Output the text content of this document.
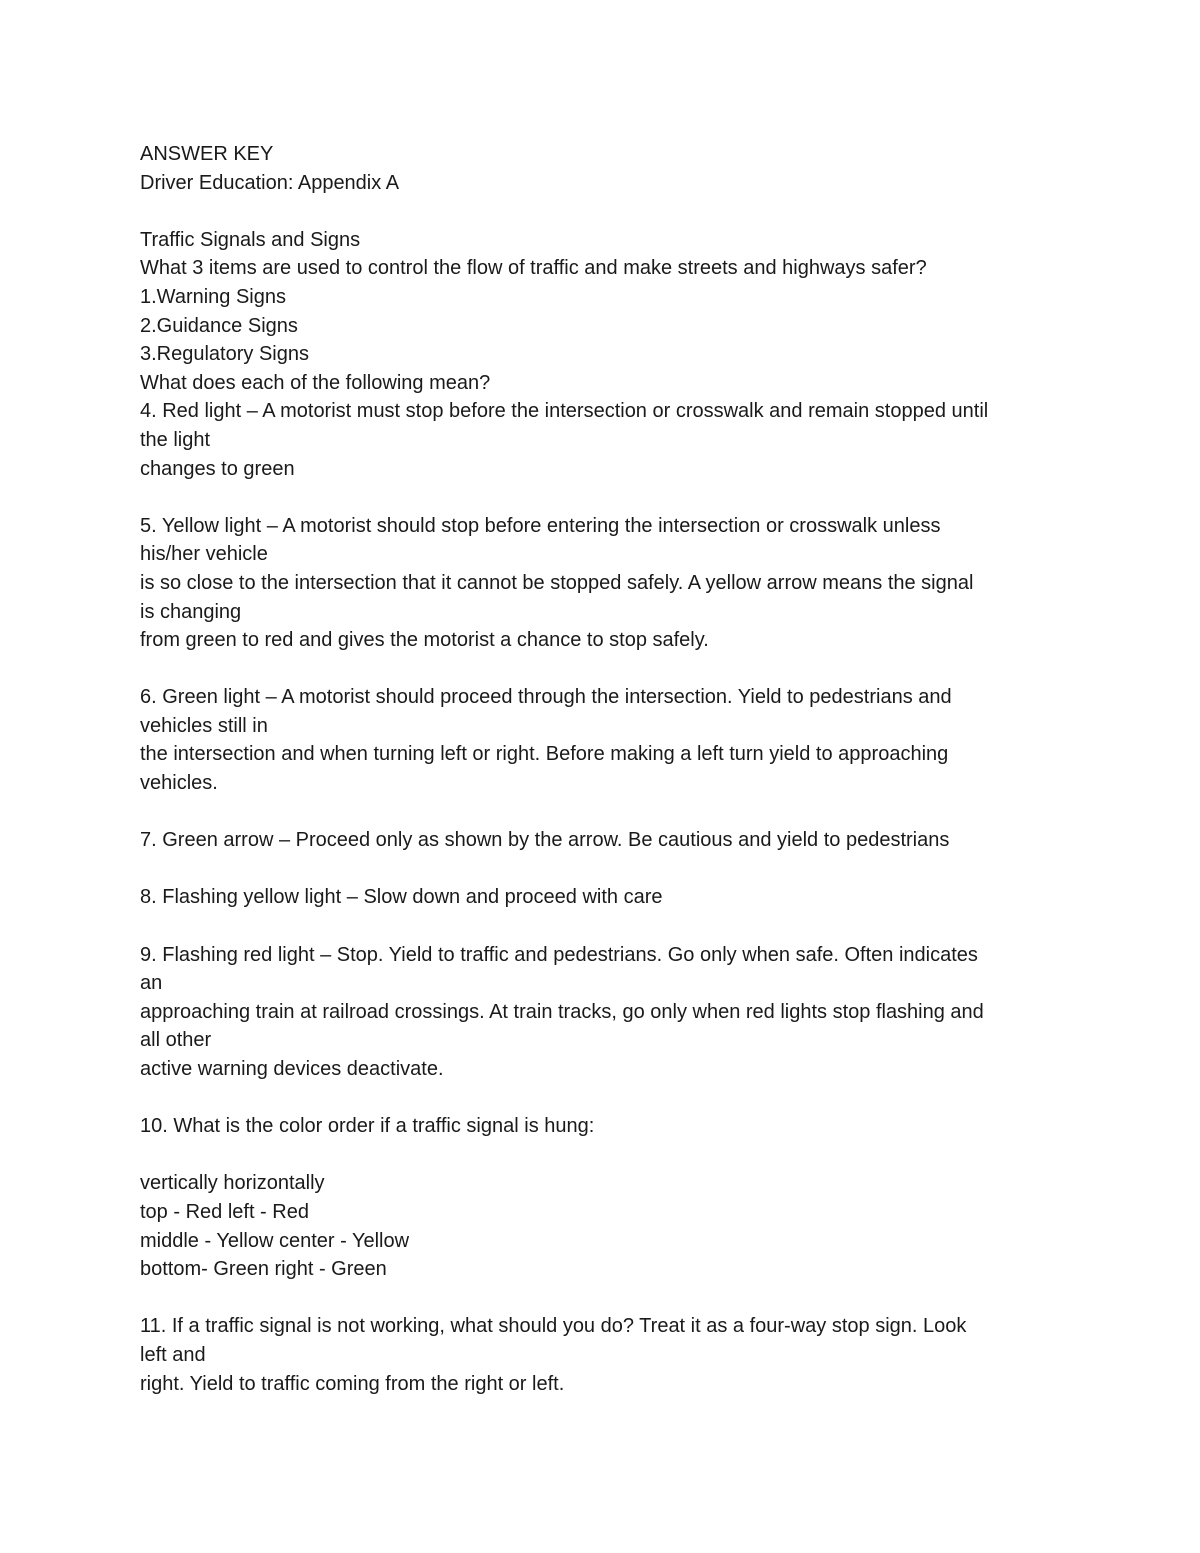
ANSWER KEY
Driver Education: Appendix A
Traffic Signals and Signs
What 3 items are used to control the flow of traffic and make streets and highways safer?
1.Warning Signs
2.Guidance Signs
3.Regulatory Signs
What does each of the following mean?
4. Red light – A motorist must stop before the intersection or crosswalk and remain stopped until
the light
changes to green
5. Yellow light – A motorist should stop before entering the intersection or crosswalk unless
his/her vehicle
is so close to the intersection that it cannot be stopped safely. A yellow arrow means the signal
is changing
from green to red and gives the motorist a chance to stop safely.
6. Green light – A motorist should proceed through the intersection. Yield to pedestrians and
vehicles still in
the intersection and when turning left or right. Before making a left turn yield to approaching
vehicles.
7. Green arrow – Proceed only as shown by the arrow. Be cautious and yield to pedestrians
8. Flashing yellow light – Slow down and proceed with care
9. Flashing red light – Stop. Yield to traffic and pedestrians. Go only when safe. Often indicates
an
approaching train at railroad crossings. At train tracks, go only when red lights stop flashing and
all other
active warning devices deactivate.
10. What is the color order if a traffic signal is hung:
vertically horizontally
top - Red left - Red
middle - Yellow center - Yellow
bottom- Green right - Green
11. If a traffic signal is not working, what should you do? Treat it as a four-way stop sign. Look
left and
right. Yield to traffic coming from the right or left.
